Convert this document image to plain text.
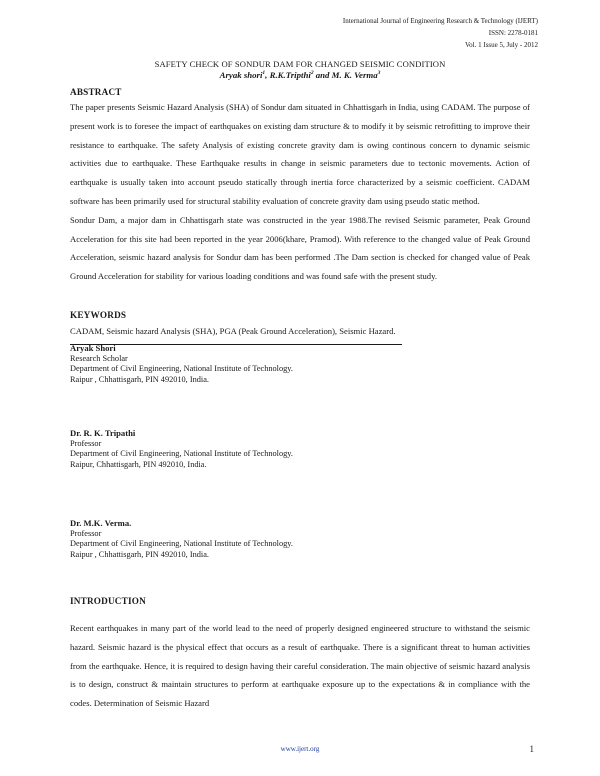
International Journal of Engineering Research & Technology (IJERT)
ISSN: 2278-0181
Vol. 1 Issue 5, July - 2012
SAFETY CHECK OF SONDUR DAM FOR CHANGED SEISMIC CONDITION
Aryak shori$^1$, R.K.Tripthi$^2$ and M. K. Verma$^3$
ABSTRACT

The paper presents Seismic Hazard Analysis (SHA) of Sondur dam situated in Chhattisgarh in India, using CADAM. The purpose of present work is to foresee the impact of earthquakes on existing dam structure & to modify it by seismic retrofitting to improve their resistance to earthquake. The safety Analysis of existing concrete gravity dam is owing continous concern to dynamic seismic activities due to earthquake. These Earthquake results in change in seismic parameters due to tectonic movements. Action of earthquake is usually taken into account pseudo statically through inertia force characterized by a seismic coefficient. CADAM software has been primarily used for structural stability evaluation of concrete gravity dam using pseudo static method.

Sondur Dam, a major dam in Chhattisgarh state was constructed in the year 1988.The revised Seismic parameter, Peak Ground Acceleration for this site had been reported in the year 2006(khare, Pramod). With reference to the changed value of Peak Ground Acceleration, seismic hazard analysis for Sondur dam has been performed .The Dam section is checked for changed value of Peak Ground Acceleration for stability for various loading conditions and was found safe with the present study.

KEYWORDS
CADAM, Seismic hazard Analysis (SHA), PGA (Peak Ground Acceleration), Seismic Hazard.
Aryak Shori
Research Scholar
Department of Civil Engineering, National Institute of Technology.
Raipur , Chhattisgarh, PIN 492010, India.
Dr. R. K. Tripathi
Professor
Department of Civil Engineering, National Institute of Technology.
Raipur, Chhattisgarh, PIN 492010, India.
Dr. M.K. Verma.
Professor
Department of Civil Engineering, National Institute of Technology.
Raipur , Chhattisgarh, PIN 492010, India.
INTRODUCTION

Recent earthquakes in many part of the world lead to the need of properly designed engineered structure to withstand the seismic hazard. Seismic hazard is the physical effect that occurs as a result of earthquake. There is a significant threat to human activities from the earthquake. Hence, it is required to design having their careful consideration. The main objective of seismic hazard analysis is to design, construct & maintain structures to perform at earthquake exposure up to the expectations & in compliance with the codes. Determination of Seismic Hazard

www.ijert.org	1
